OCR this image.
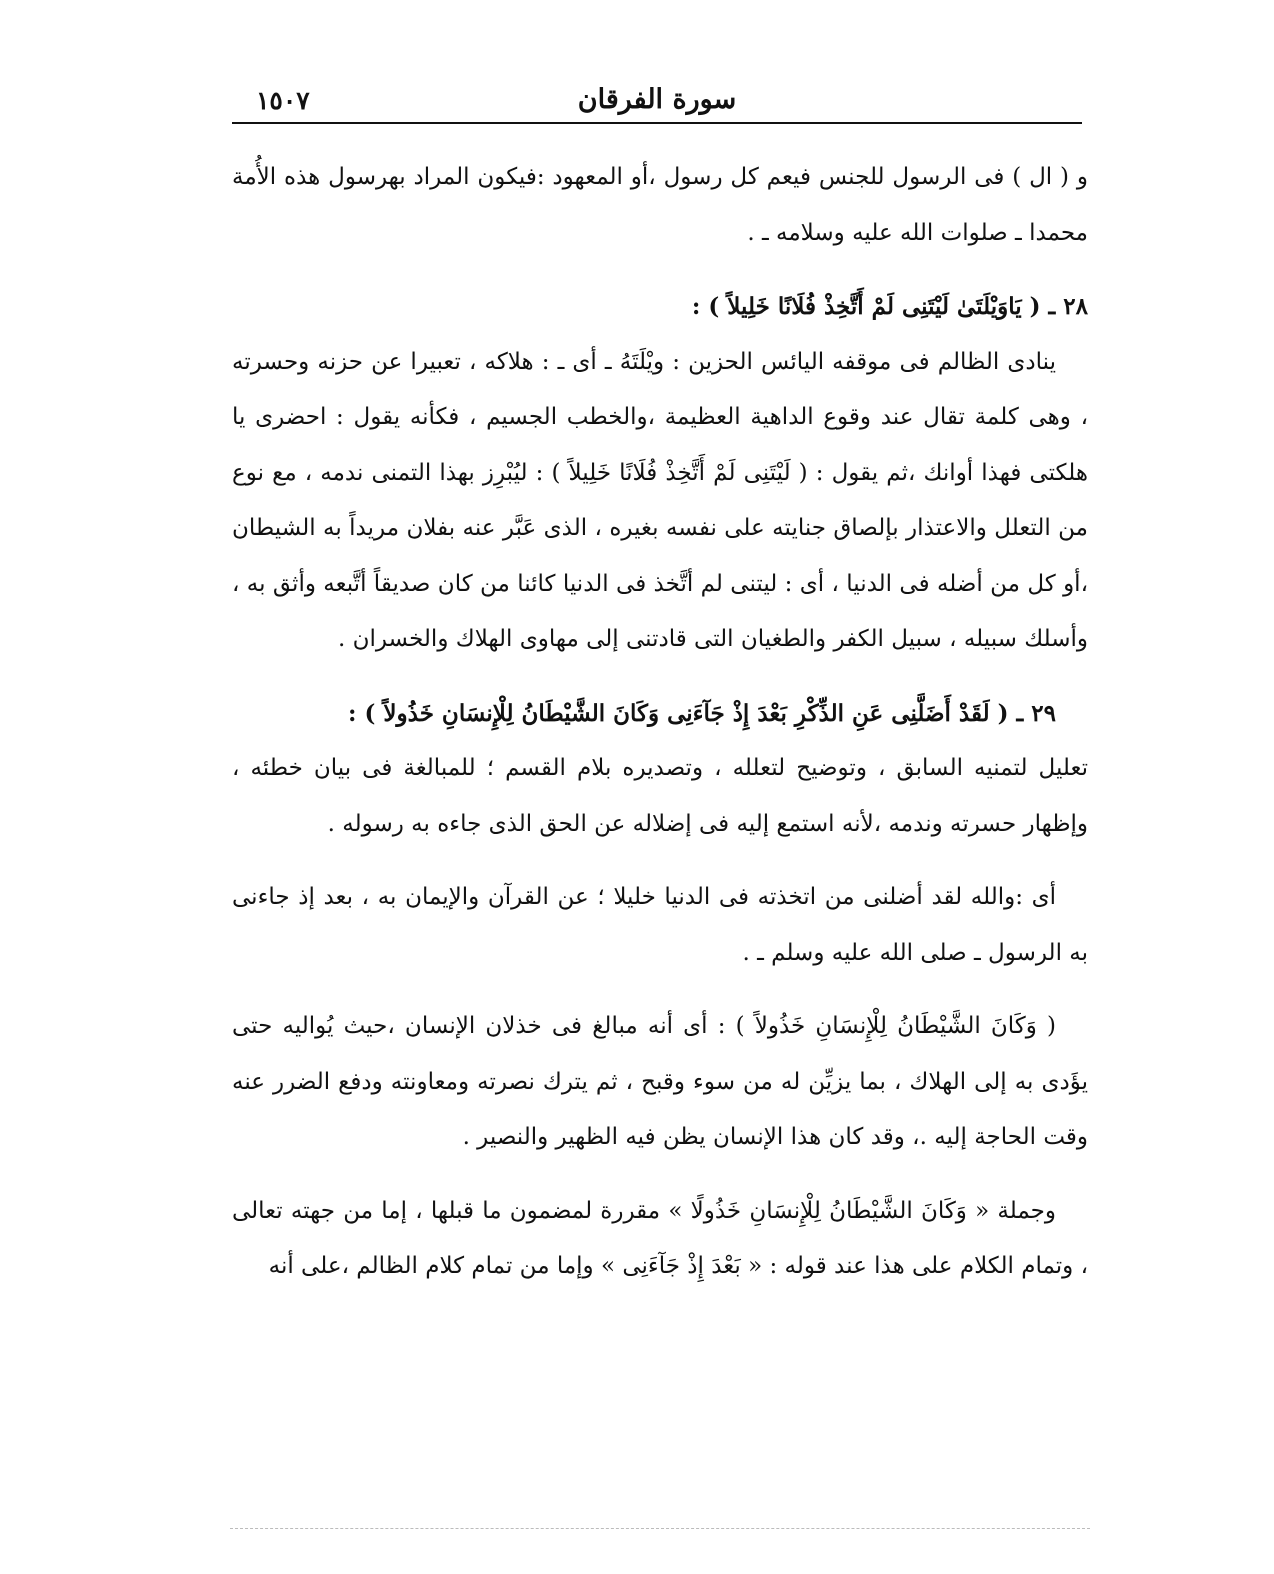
سورة الفرقان
١٥٠٧

و ( ال ) فى الرسول للجنس فيعم كل رسول ،أو المعهود :فيكون المراد بهرسول هذه الأُمة محمدا ـ صلوات الله عليه وسلامه ـ .

٢٨ ـ ( يَاوَيْلَتَىٰ لَيْتَنِى لَمْ أَتَّخِذْ فُلَانًا خَلِيلاً ) :

ينادى الظالم فى موقفه اليائس الحزين : ويْلَتَهُ ـ أى ـ : هلاكه ، تعبيرا عن حزنه وحسرته ، وهى كلمة تقال عند وقوع الداهية العظيمة ،والخطب الجسيم ، فكأنه يقول : احضرى يا هلكتى فهذا أوانك ،ثم يقول : ( لَيْتَنِى لَمْ أَتَّخِذْ فُلَانًا خَلِيلاً ) : ليُبْرِز بهذا التمنى ندمه ، مع نوع من التعلل والاعتذار بإلصاق جنايته على نفسه بغيره ، الذى عَبَّر عنه بفلان مريداً به الشيطان ،أو كل من أضله فى الدنيا ، أى : ليتنى لم أتَّخذ فى الدنيا كائنا من كان صديقاً أتَّبعه وأثق به ، وأسلك سبيله ، سبيل الكفر والطغيان التى قادتنى إلى مهاوى الهلاك والخسران .

٢٩ ـ ( لَقَدْ أَضَلَّنِى عَنِ الذِّكْرِ بَعْدَ إِذْ جَآءَنِى وَكَانَ الشَّيْطَانُ لِلْإِنسَانِ خَذُولاً ) :

تعليل لتمنيه السابق ، وتوضيح لتعلله ، وتصديره بلام القسم ؛ للمبالغة فى بيان خطئه ، وإظهار حسرته وندمه ،لأنه استمع إليه فى إضلاله عن الحق الذى جاءه به رسوله .

أى :والله لقد أضلنى من اتخذته فى الدنيا خليلا ؛ عن القرآن والإيمان به ، بعد إذ جاءنى به الرسول ـ صلى الله عليه وسلم ـ .

( وَكَانَ الشَّيْطَانُ لِلْإِنسَانِ خَذُولاً ) : أى أنه مبالغ فى خذلان الإنسان ،حيث يُواليه حتى يؤَدى به إلى الهلاك ، بما يزيِّن له من سوء وقبح ، ثم يترك نصرته ومعاونته ودفع الضرر عنه وقت الحاجة إليه .، وقد كان هذا الإنسان يظن فيه الظهير والنصير .

وجملة « وَكَانَ الشَّيْطَانُ لِلْإِنسَانِ خَذُولًا » مقررة لمضمون ما قبلها ، إما من جهته تعالى ، وتمام الكلام على هذا عند قوله : « بَعْدَ إِذْ جَآءَنِى » وإما من تمام كلام الظالم ،على أنه
